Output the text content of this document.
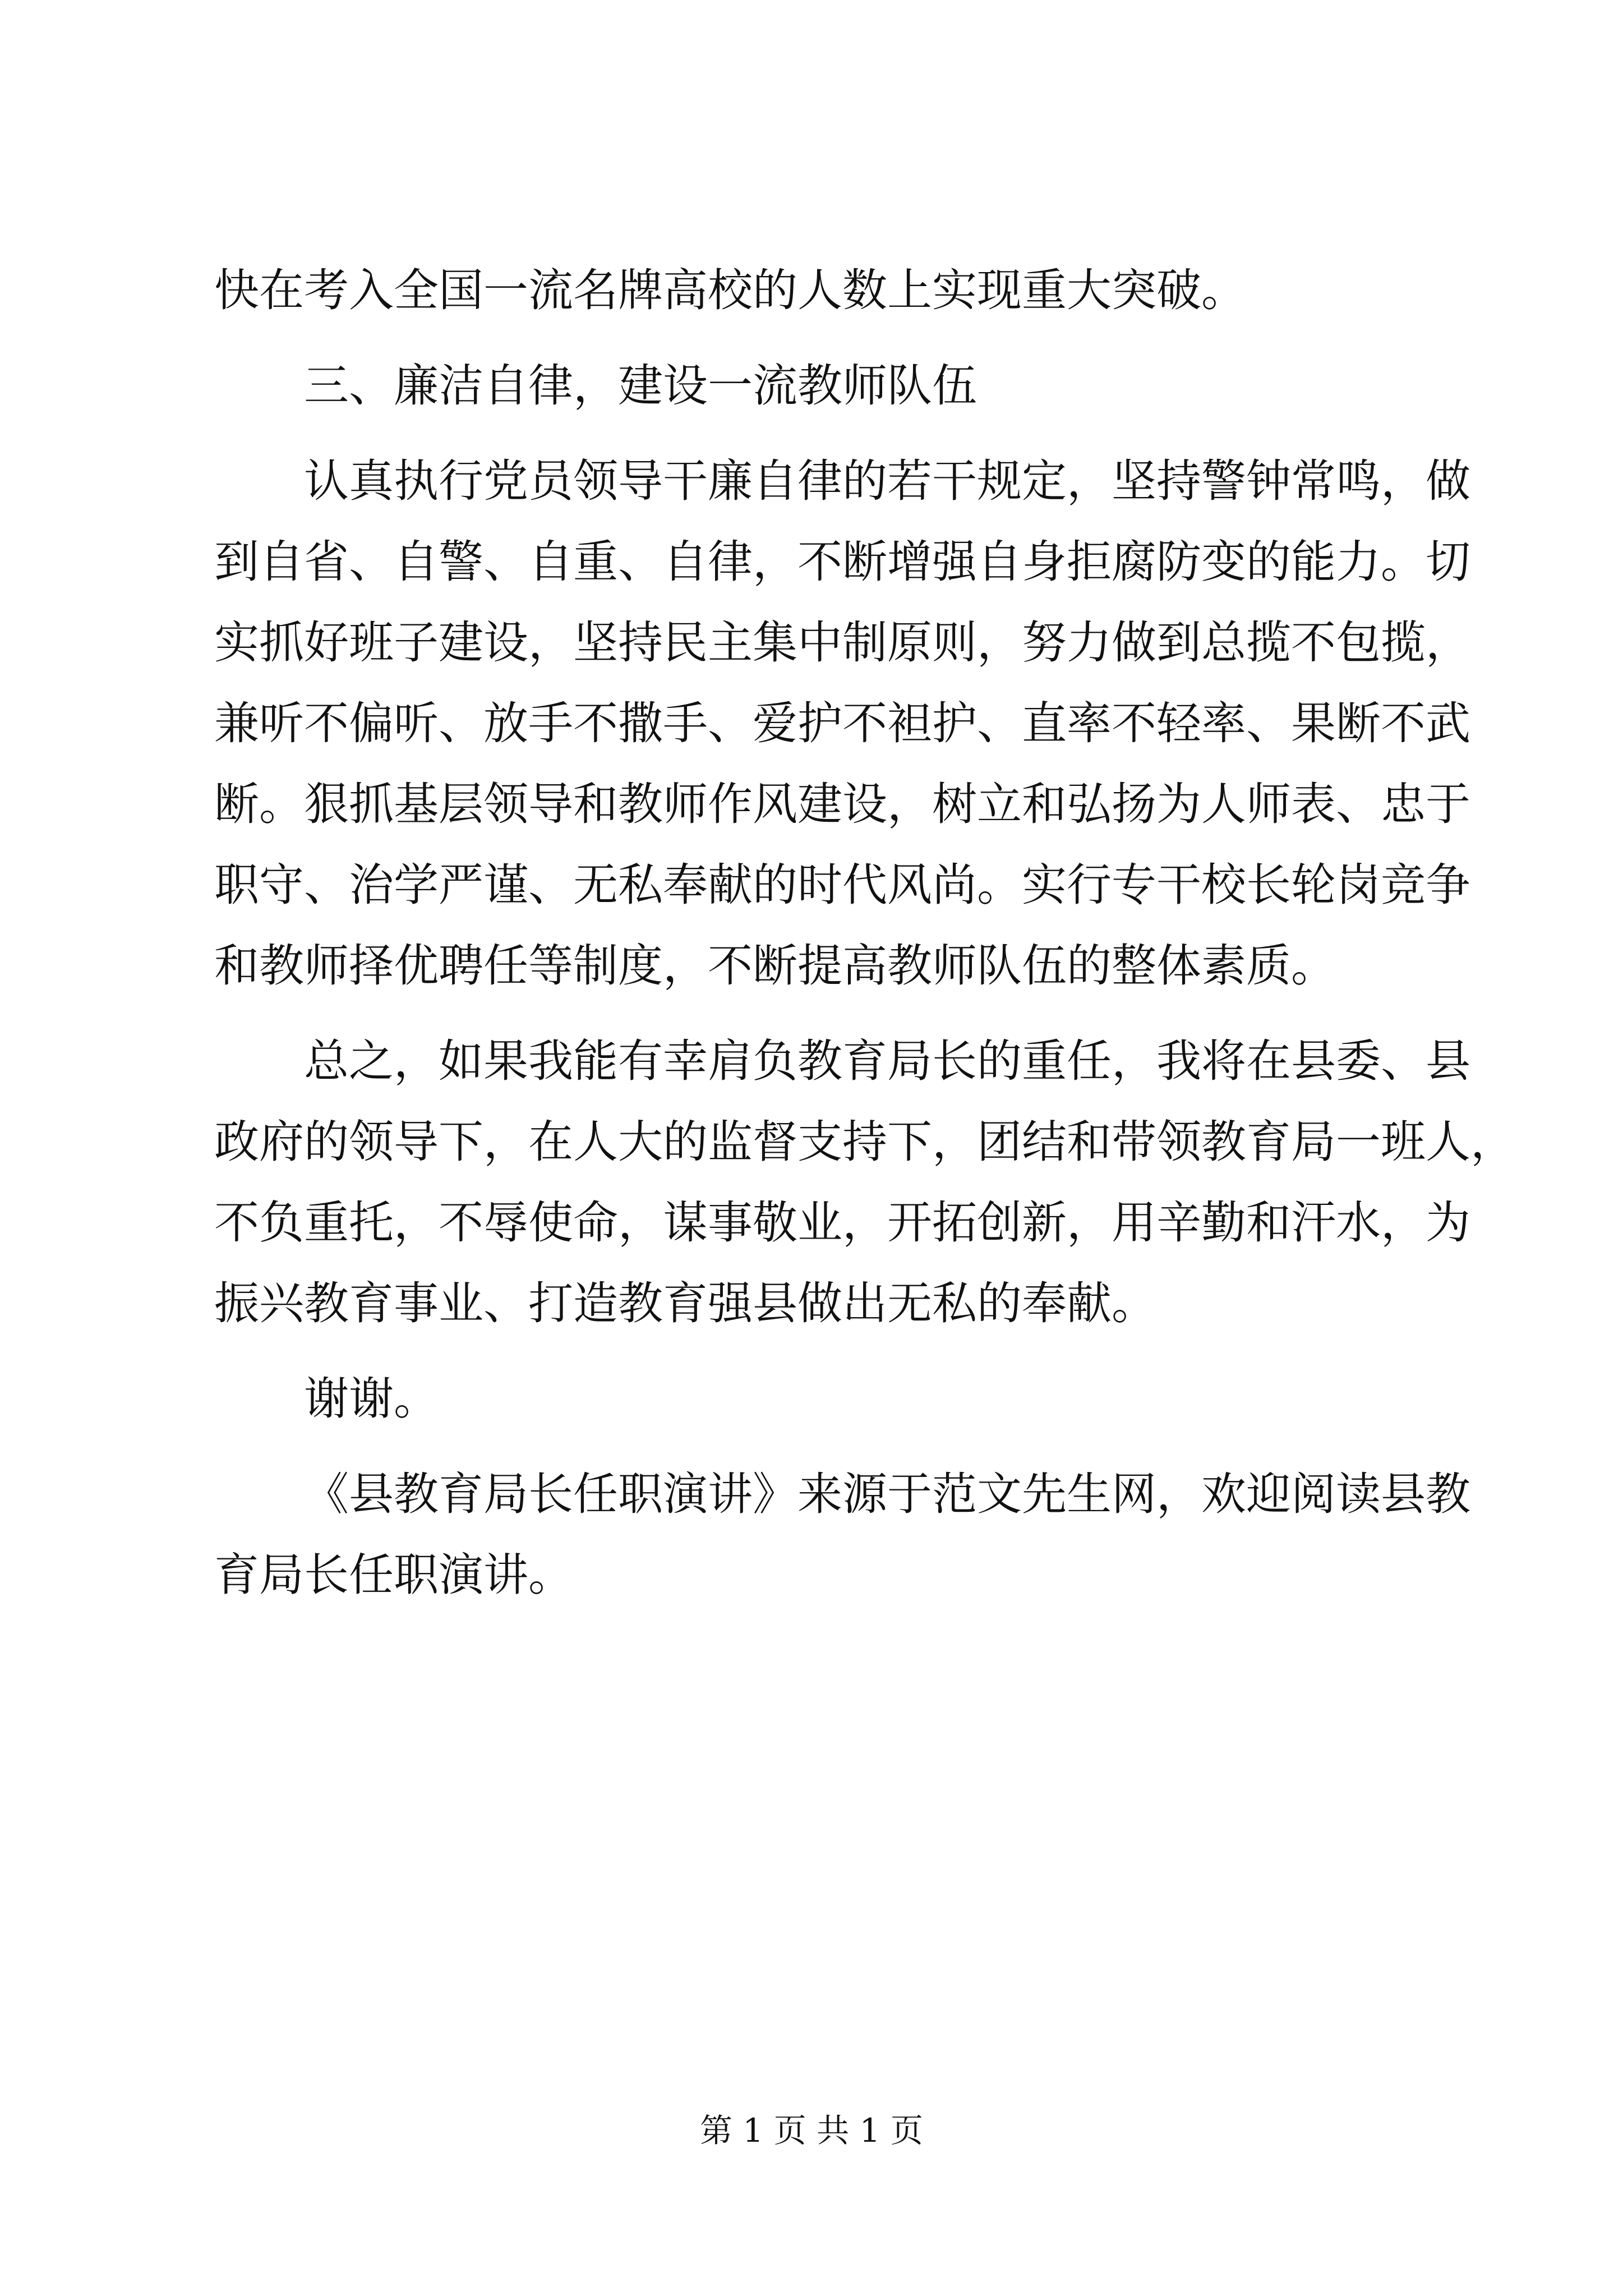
快在考入全国一流名牌高校的人数上实现重大突破。
三、廉洁自律，建设一流教师队伍
认真执行党员领导干廉自律的若干规定，坚持警钟常鸣，做
到自省、自警、自重、自律，不断增强自身拒腐防变的能力。切
实抓好班子建设，坚持民主集中制原则，努力做到总揽不包揽，
兼听不偏听、放手不撒手、爱护不袒护、直率不轻率、果断不武
断。狠抓基层领导和教师作风建设，树立和弘扬为人师表、忠于
职守、治学严谨、无私奉献的时代风尚。实行专干校长轮岗竞争
和教师择优聘任等制度，不断提高教师队伍的整体素质。
总之，如果我能有幸肩负教育局长的重任，我将在县委、县
政府的领导下，在人大的监督支持下，团结和带领教育局一班人，
不负重托，不辱使命，谋事敬业，开拓创新，用辛勤和汗水，为
振兴教育事业、打造教育强县做出无私的奉献。
谢谢。
《县教育局长任职演讲》来源于范文先生网，欢迎阅读县教
育局长任职演讲。
第 1 页 共 1 页
